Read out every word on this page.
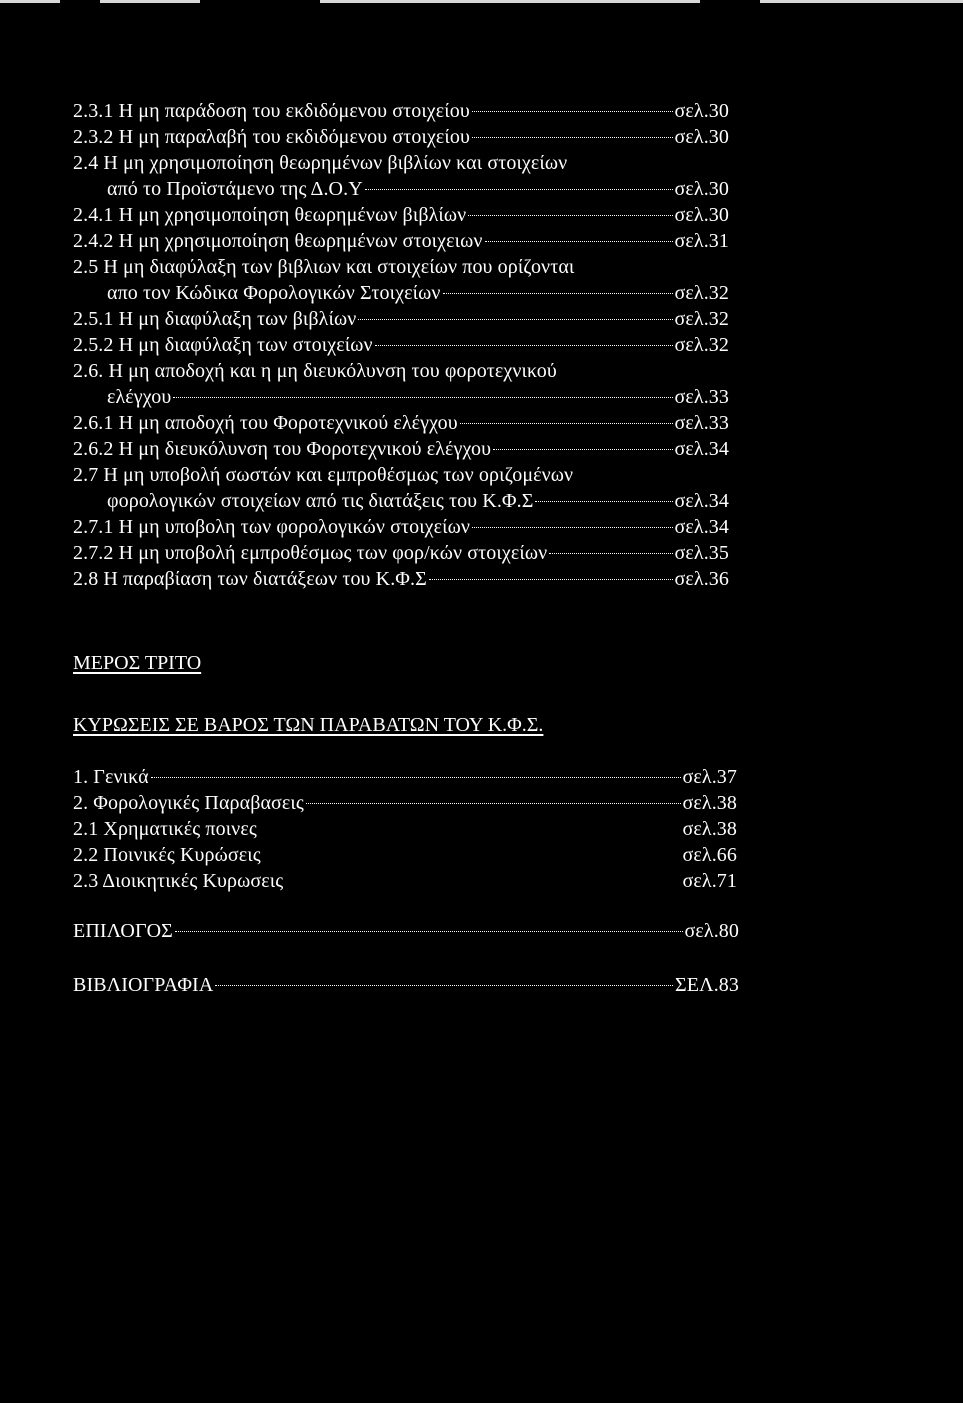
2.3.1 Η μη παράδοση του εκδιδόμενου στοιχείου	σελ.30
2.3.2 Η μη παραλαβή του εκδιδόμενου στοιχείου	σελ.30
2.4 Η μη χρησιμοποίηση θεωρημένων βιβλίων και στοιχείων
από το Προϊστάμενο της Δ.Ο.Υ	σελ.30
2.4.1 Η μη χρησιμοποίηση θεωρημένων βιβλίων	σελ.30
2.4.2 Η μη χρησιμοποίηση θεωρημένων στοιχειων	σελ.31
2.5 Η μη διαφύλαξη των βιβλιων και στοιχείων που ορίζονται
απο τον Κώδικα Φορολογικών Στοιχείων	σελ.32
2.5.1 Η μη διαφύλαξη των βιβλίων	σελ.32
2.5.2 Η μη διαφύλαξη των στοιχείων	σελ.32
2.6. Η μη αποδοχή και η μη διευκόλυνση του φοροτεχνικού
ελέγχου	σελ.33
2.6.1 Η μη αποδοχή του Φοροτεχνικού ελέγχου	σελ.33
2.6.2 Η μη διευκόλυνση του Φοροτεχνικού ελέγχου	σελ.34
2.7 Η μη υποβολή σωστών και εμπροθέσμως των οριζομένων
φορολογικών στοιχείων από τις διατάξεις του Κ.Φ.Σ	σελ.34
2.7.1 Η μη υποβολη των φορολογικών στοιχείων	σελ.34
2.7.2 Η μη υποβολή εμπροθέσμως των φορ/κών στοιχείων	σελ.35
2.8 Η παραβίαση των διατάξεων του Κ.Φ.Σ	σελ.36
ΜΕΡΟΣ ΤΡΙΤΟ
ΚΥΡΩΣΕΙΣ ΣΕ ΒΑΡΟΣ ΤΩΝ ΠΑΡΑΒΑΤΩΝ ΤΟΥ Κ.Φ.Σ.
1. Γενικά	σελ.37
2. Φορολογικές Παραβασεις	σελ.38
2.1 Χρηματικές ποινες	σελ.38
2.2 Ποινικές Κυρώσεις	σελ.66
2.3 Διοικητικές Κυρωσεις	σελ.71
ΕΠΙΛΟΓΟΣ	σελ.80
ΒΙΒΛΙΟΓΡΑΦΙΑ	ΣΕΛ.83
